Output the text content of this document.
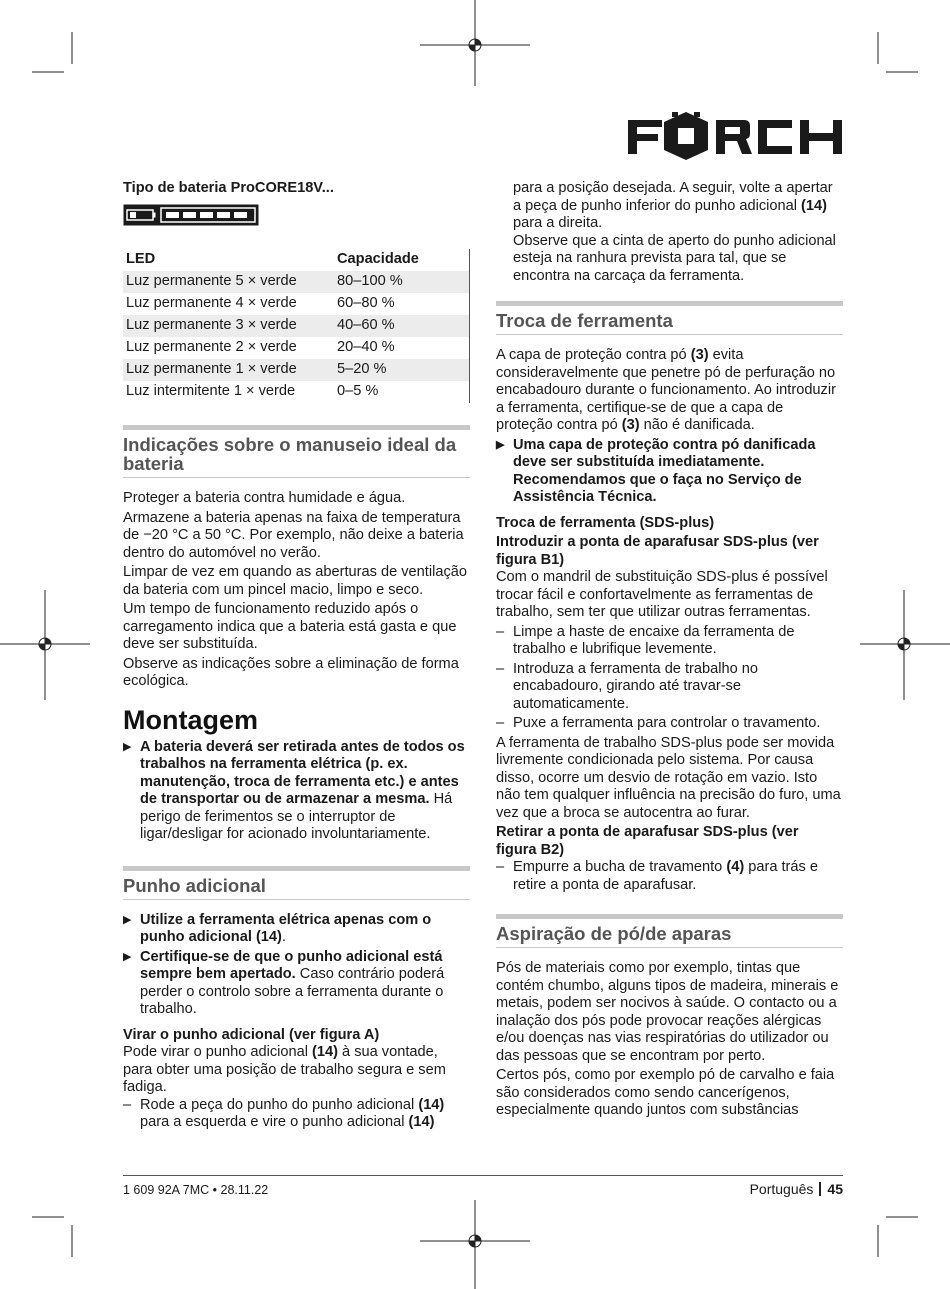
Tipo de bateria ProCORE18V...

LED	Capacidade
Luz permanente 5 × verde	80–100 %
Luz permanente 4 × verde	60–80 %
Luz permanente 3 × verde	40–60 %
Luz permanente 2 × verde	20–40 %
Luz permanente 1 × verde	5–20 %
Luz intermitente 1 × verde	0–5 %
Indicações sobre o manuseio ideal da bateria

Proteger a bateria contra humidade e água.

Armazene a bateria apenas na faixa de temperatura de −20 °C a 50 °C. Por exemplo, não deixe a bateria dentro do automóvel no verão.

Limpar de vez em quando as aberturas de ventilação da bateria com um pincel macio, limpo e seco.

Um tempo de funcionamento reduzido após o carregamento indica que a bateria está gasta e que deve ser substituída.

Observe as indicações sobre a eliminação de forma ecológica.

Montagem

▶ A bateria deverá ser retirada antes de todos os trabalhos na ferramenta elétrica (p. ex. manutenção, troca de ferramenta etc.) e antes de transportar ou de armazenar a mesma. Há perigo de ferimentos se o interruptor de ligar/desligar for acionado involuntariamente.

Punho adicional

▶ Utilize a ferramenta elétrica apenas com o punho adicional (14).

▶ Certifique-se de que o punho adicional está sempre bem apertado. Caso contrário poderá perder o controlo sobre a ferramenta durante o trabalho.

Virar o punho adicional (ver figura A)

Pode virar o punho adicional (14) à sua vontade, para obter uma posição de trabalho segura e sem fadiga.

– Rode a peça do punho do punho adicional (14) para a esquerda e vire o punho adicional (14)

para a posição desejada. A seguir, volte a apertar a peça de punho inferior do punho adicional (14) para a direita.

Observe que a cinta de aperto do punho adicional esteja na ranhura prevista para tal, que se encontra na carcaça da ferramenta.

Troca de ferramenta

A capa de proteção contra pó (3) evita consideravelmente que penetre pó de perfuração no encabadouro durante o funcionamento. Ao introduzir a ferramenta, certifique-se de que a capa de proteção contra pó (3) não é danificada.

▶ Uma capa de proteção contra pó danificada deve ser substituída imediatamente. Recomendamos que o faça no Serviço de Assistência Técnica.

Troca de ferramenta (SDS-plus)

Introduzir a ponta de aparafusar SDS-plus (ver figura B1)

Com o mandril de substituição SDS-plus é possível trocar fácil e confortavelmente as ferramentas de trabalho, sem ter que utilizar outras ferramentas.

– Limpe a haste de encaixe da ferramenta de trabalho e lubrifique levemente.

– Introduza a ferramenta de trabalho no encabadouro, girando até travar-se automaticamente.

– Puxe a ferramenta para controlar o travamento.

A ferramenta de trabalho SDS-plus pode ser movida livremente condicionada pelo sistema. Por causa disso, ocorre um desvio de rotação em vazio. Isto não tem qualquer influência na precisão do furo, uma vez que a broca se autocentra ao furar.

Retirar a ponta de aparafusar SDS-plus (ver figura B2)

– Empurre a bucha de travamento (4) para trás e retire a ponta de aparafusar.

Aspiração de pó/de aparas

Pós de materiais como por exemplo, tintas que contém chumbo, alguns tipos de madeira, minerais e metais, podem ser nocivos à saúde. O contacto ou a inalação dos pós pode provocar reações alérgicas e/ou doenças nas vias respiratórias do utilizador ou das pessoas que se encontram por perto.

Certos pós, como por exemplo pó de carvalho e faia são considerados como sendo cancerígenos, especialmente quando juntos com substâncias

1 609 92A 7MC • 28.11.22	Português 45
